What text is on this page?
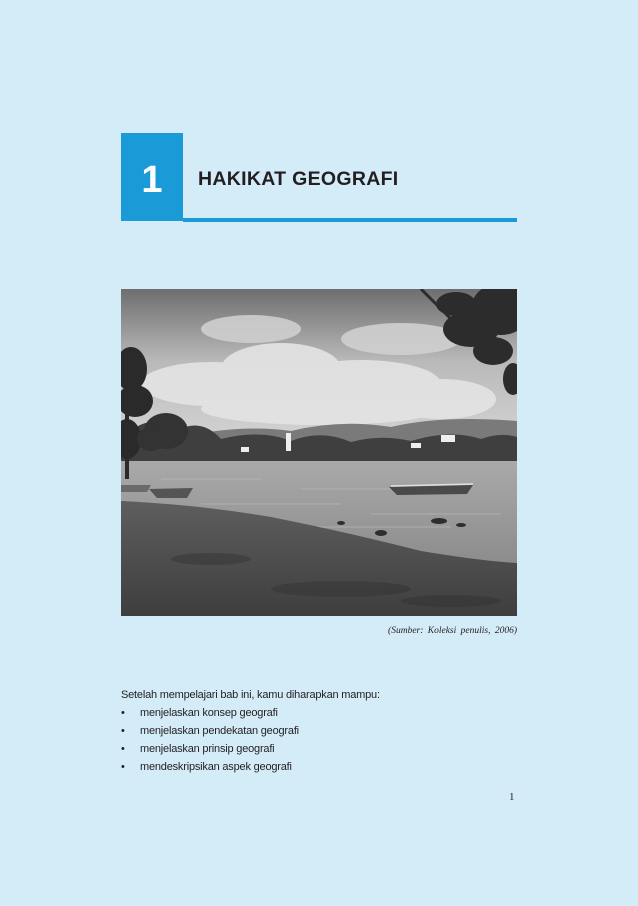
1	HAKIKAT GEOGRAFI
(Sumber: Koleksi penulis, 2006)
Setelah mempelajari bab ini, kamu diharapkan mampu:
•	menjelaskan konsep geografi
•	menjelaskan pendekatan geografi
•	menjelaskan prinsip geografi
•	mendeskripsikan aspek geografi
1
